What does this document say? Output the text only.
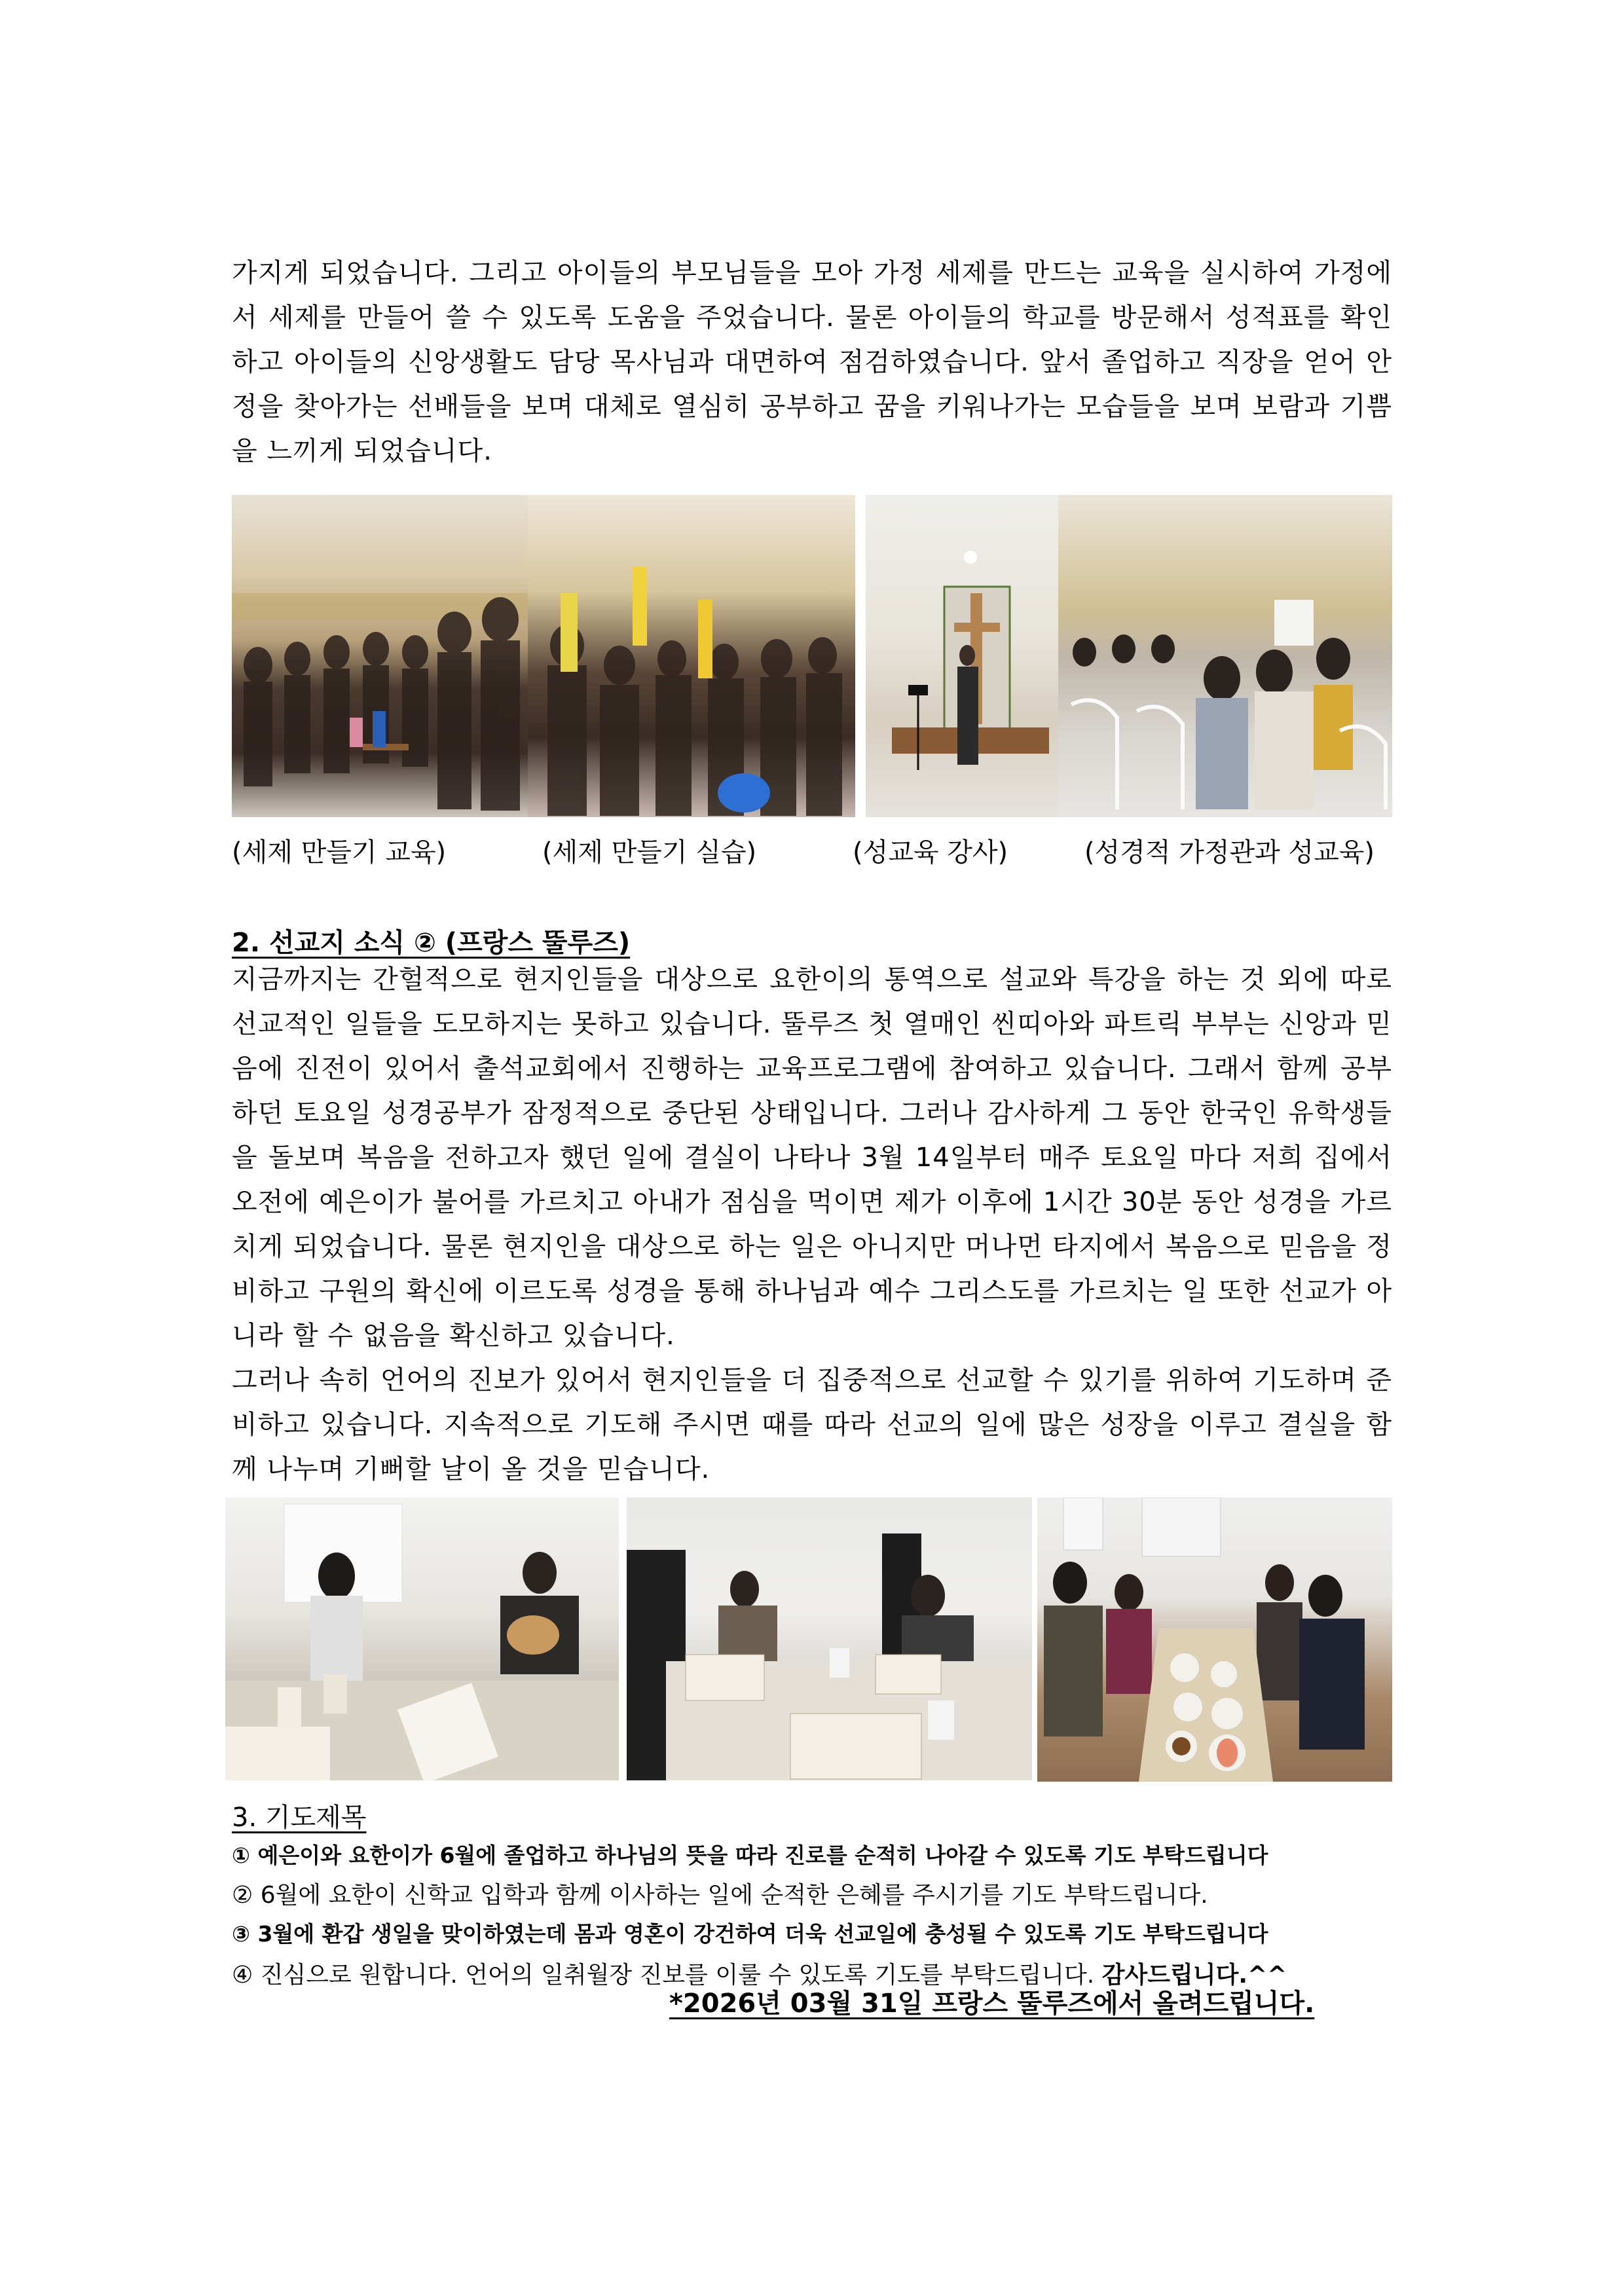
가지게 되었습니다. 그리고 아이들의 부모님들을 모아 가정 세제를 만드는 교육을 실시하여 가정에서 세제를 만들어 쓸 수 있도록 도움을 주었습니다. 물론 아이들의 학교를 방문해서 성적표를 확인하고 아이들의 신앙생활도 담당 목사님과 대면하여 점검하였습니다. 앞서 졸업하고 직장을 얻어 안정을 찾아가는 선배들을 보며 대체로 열심히 공부하고 꿈을 키워나가는 모습들을 보며 보람과 기쁨을 느끼게 되었습니다.

(세제 만들기 교육)	(세제 만들기 실습)	(성교육 강사)	(성경적 가정관과 성교육)
2. 선교지 소식 ② (프랑스 뚤루즈)

지금까지는 간헐적으로 현지인들을 대상으로 요한이의 통역으로 설교와 특강을 하는 것 외에 따로 선교적인 일들을 도모하지는 못하고 있습니다. 뚤루즈 첫 열매인 씬띠아와 파트릭 부부는 신앙과 믿음에 진전이 있어서 출석교회에서 진행하는 교육프로그램에 참여하고 있습니다. 그래서 함께 공부하던 토요일 성경공부가 잠정적으로 중단된 상태입니다. 그러나 감사하게 그 동안 한국인 유학생들을 돌보며 복음을 전하고자 했던 일에 결실이 나타나 3월 14일부터 매주 토요일 마다 저희 집에서 오전에 예은이가 불어를 가르치고 아내가 점심을 먹이면 제가 이후에 1시간 30분 동안 성경을 가르치게 되었습니다. 물론 현지인을 대상으로 하는 일은 아니지만 머나먼 타지에서 복음으로 믿음을 정비하고 구원의 확신에 이르도록 성경을 통해 하나님과 예수 그리스도를 가르치는 일 또한 선교가 아니라 할 수 없음을 확신하고 있습니다.

그러나 속히 언어의 진보가 있어서 현지인들을 더 집중적으로 선교할 수 있기를 위하여 기도하며 준비하고 있습니다. 지속적으로 기도해 주시면 때를 따라 선교의 일에 많은 성장을 이루고 결실을 함께 나누며 기뻐할 날이 올 것을 믿습니다.

3. 기도제목
① 예은이와 요한이가 6월에 졸업하고 하나님의 뜻을 따라 진로를 순적히 나아갈 수 있도록 기도 부탁드립니다
② 6월에 요한이 신학교 입학과 함께 이사하는 일에 순적한 은혜를 주시기를 기도 부탁드립니다.
③ 3월에 환갑 생일을 맞이하였는데 몸과 영혼이 강건하여 더욱 선교일에 충성될 수 있도록 기도 부탁드립니다
④ 진심으로 원합니다. 언어의 일취월장 진보를 이룰 수 있도록 기도를 부탁드립니다. 감사드립니다.^^
*2026년 03월 31일 프랑스 뚤루즈에서 올려드립니다.
